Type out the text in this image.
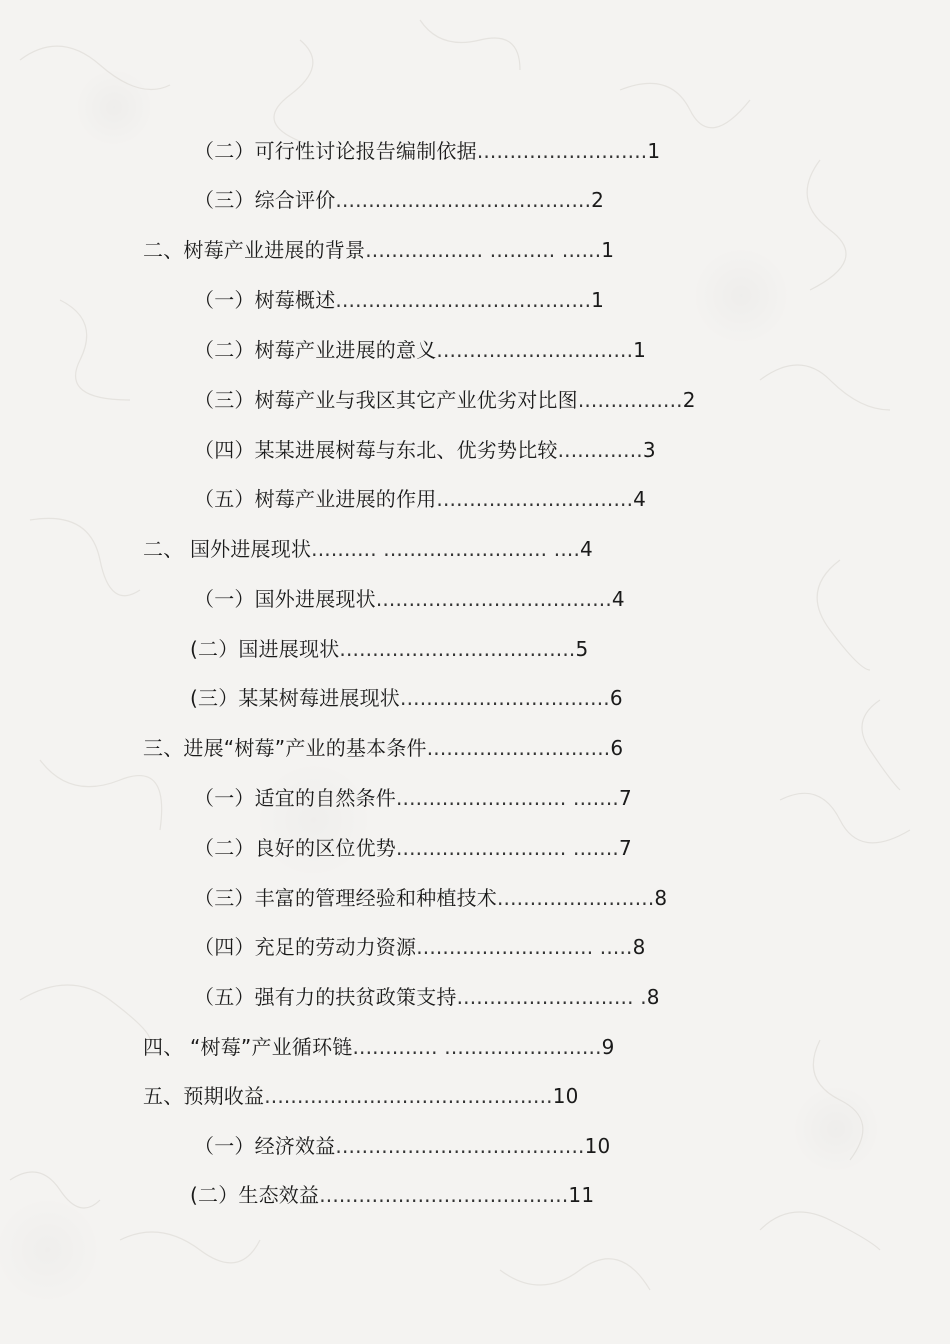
（二）可行性讨论报告编制依据..........................1
（三）综合评价.......................................2
二、树莓产业进展的背景.................. .......... ......1
（一）树莓概述.......................................1
（二）树莓产业进展的意义..............................1
（三）树莓产业与我区其它产业优劣对比图................2
（四）某某进展树莓与东北、优劣势比较.............3
（五）树莓产业进展的作用..............................4
二、 国外进展现状.......... ......................... ....4
（一）国外进展现状....................................4
(二）国进展现状....................................5
(三）某某树莓进展现状................................6
三、进展“树莓”产业的基本条件............................6
（一）适宜的自然条件.......................... .......7
（二）良好的区位优势.......................... .......7
（三）丰富的管理经验和种植技术........................8
（四）充足的劳动力资源........................... .....8
（五）强有力的扶贫政策支持........................... .8
四、 “树莓”产业循环链............. ........................9
五、预期收益............................................10
（一）经济效益......................................10
(二）生态效益......................................11
